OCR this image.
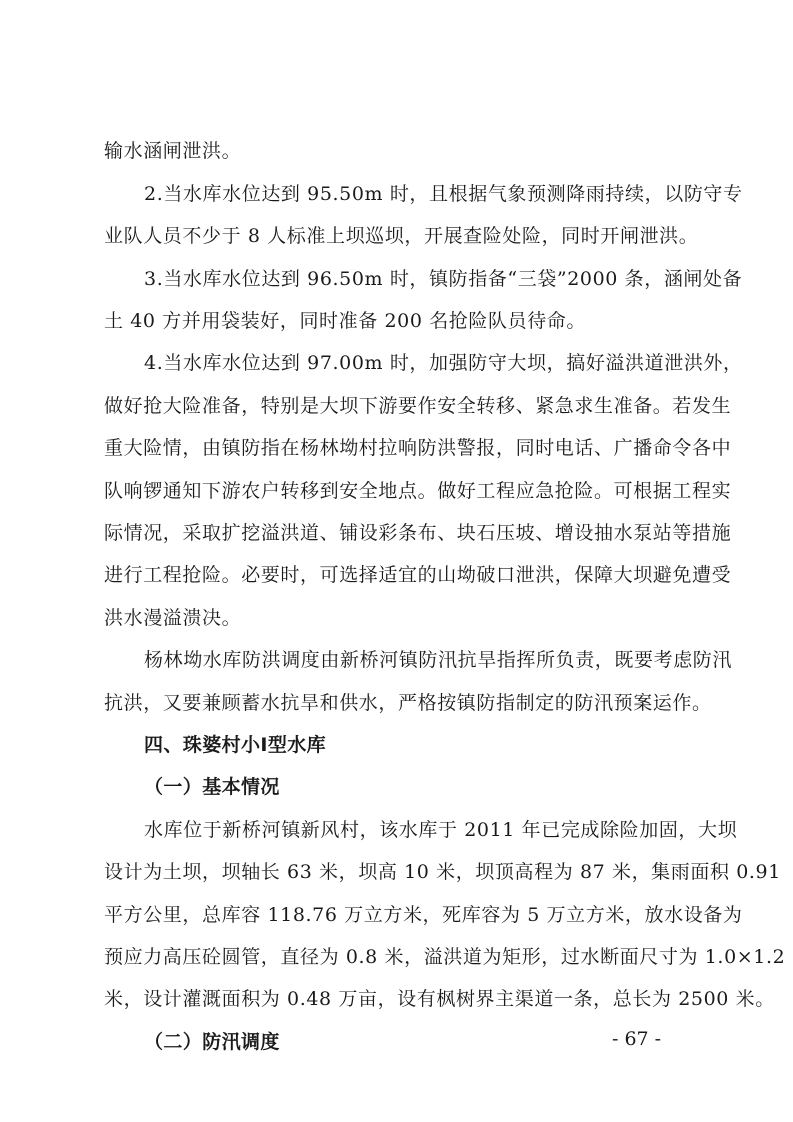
输水涵闸泄洪。
2.当水库水位达到 95.50m 时，且根据气象预测降雨持续，以防守专
业队人员不少于 8 人标准上坝巡坝，开展查险处险，同时开闸泄洪。
3.当水库水位达到 96.50m 时，镇防指备“三袋”2000 条，涵闸处备
土 40 方并用袋装好，同时准备 200 名抢险队员待命。
4.当水库水位达到 97.00m 时，加强防守大坝，搞好溢洪道泄洪外，
做好抢大险准备，特别是大坝下游要作安全转移、紧急求生准备。若发生
重大险情，由镇防指在杨林坳村拉响防洪警报，同时电话、广播命令各中
队响锣通知下游农户转移到安全地点。做好工程应急抢险。可根据工程实
际情况，采取扩挖溢洪道、铺设彩条布、块石压坡、增设抽水泵站等措施
进行工程抢险。必要时，可选择适宜的山坳破口泄洪，保障大坝避免遭受
洪水漫溢溃决。
杨林坳水库防洪调度由新桥河镇防汛抗旱指挥所负责，既要考虑防汛
抗洪，又要兼顾蓄水抗旱和供水，严格按镇防指制定的防汛预案运作。
四、珠婆村小Ⅰ型水库
（一）基本情况
水库位于新桥河镇新风村，该水库于 2011 年已完成除险加固，大坝
设计为土坝，坝轴长 63 米，坝高 10 米，坝顶高程为 87 米，集雨面积 0.91
平方公里，总库容 118.76 万立方米，死库容为 5 万立方米，放水设备为
预应力高压砼圆管，直径为 0.8 米，溢洪道为矩形，过水断面尺寸为 1.0×1.2
米，设计灌溉面积为 0.48 万亩，设有枫树界主渠道一条，总长为 2500 米。
（二）防汛调度	- 67 -
